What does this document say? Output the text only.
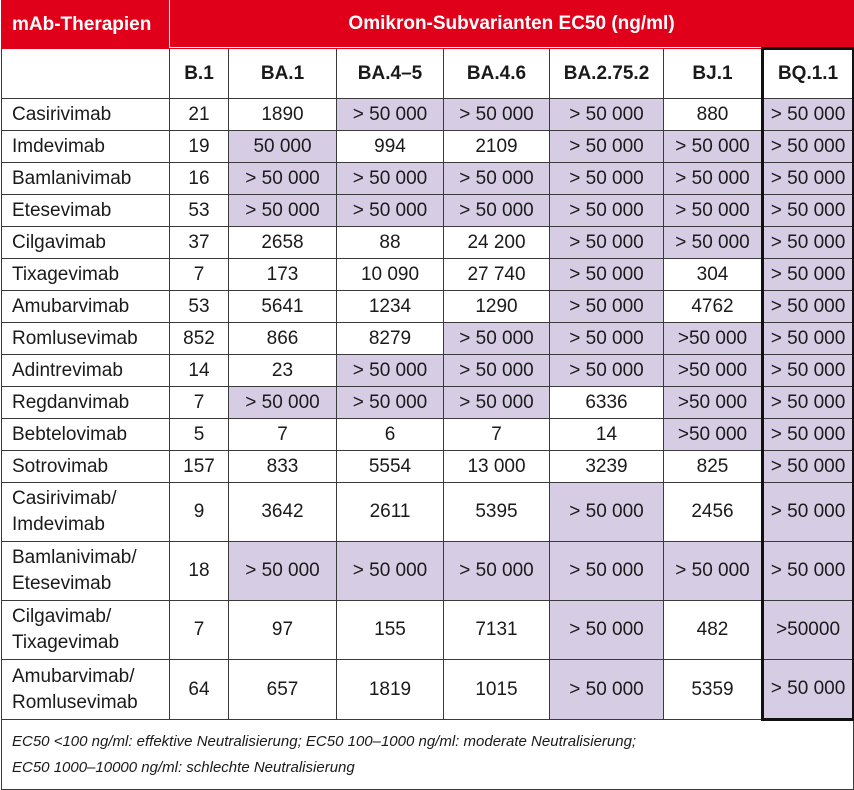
mAb-Therapien	Omikron-Subvarianten EC50 (ng/ml)						
	B.1	BA.1	BA.4–5	BA.4.6	BA.2.75.2	BJ.1	BQ.1.1
Casirivimab	21	1890	> 50 000	> 50 000	> 50 000	880	> 50 000
Imdevimab	19	50 000	994	2109	> 50 000	> 50 000	> 50 000
Bamlanivimab	16	> 50 000	> 50 000	> 50 000	> 50 000	> 50 000	> 50 000
Etesevimab	53	> 50 000	> 50 000	> 50 000	> 50 000	> 50 000	> 50 000
Cilgavimab	37	2658	88	24 200	> 50 000	> 50 000	> 50 000
Tixagevimab	7	173	10 090	27 740	> 50 000	304	> 50 000
Amubarvimab	53	5641	1234	1290	> 50 000	4762	> 50 000
Romlusevimab	852	866	8279	> 50 000	> 50 000	>50 000	> 50 000
Adintrevimab	14	23	> 50 000	> 50 000	> 50 000	>50 000	> 50 000
Regdanvimab	7	> 50 000	> 50 000	> 50 000	6336	>50 000	> 50 000
Bebtelovimab	5	7	6	7	14	>50 000	> 50 000
Sotrovimab	157	833	5554	13 000	3239	825	> 50 000
Casirivimab/ Imdevimab	9	3642	2611	5395	> 50 000	2456	> 50 000
Bamlanivimab/ Etesevimab	18	> 50 000	> 50 000	> 50 000	> 50 000	> 50 000	> 50 000
Cilgavimab/ Tixagevimab	7	97	155	7131	> 50 000	482	>50000
Amubarvimab/ Romlusevimab	64	657	1819	1015	> 50 000	5359	> 50 000
EC50 <100 ng/ml: effektive Neutralisierung; EC50 100–1000 ng/ml: moderate Neutralisierung;
EC50 1000–10000 ng/ml: schlechte Neutralisierung							
